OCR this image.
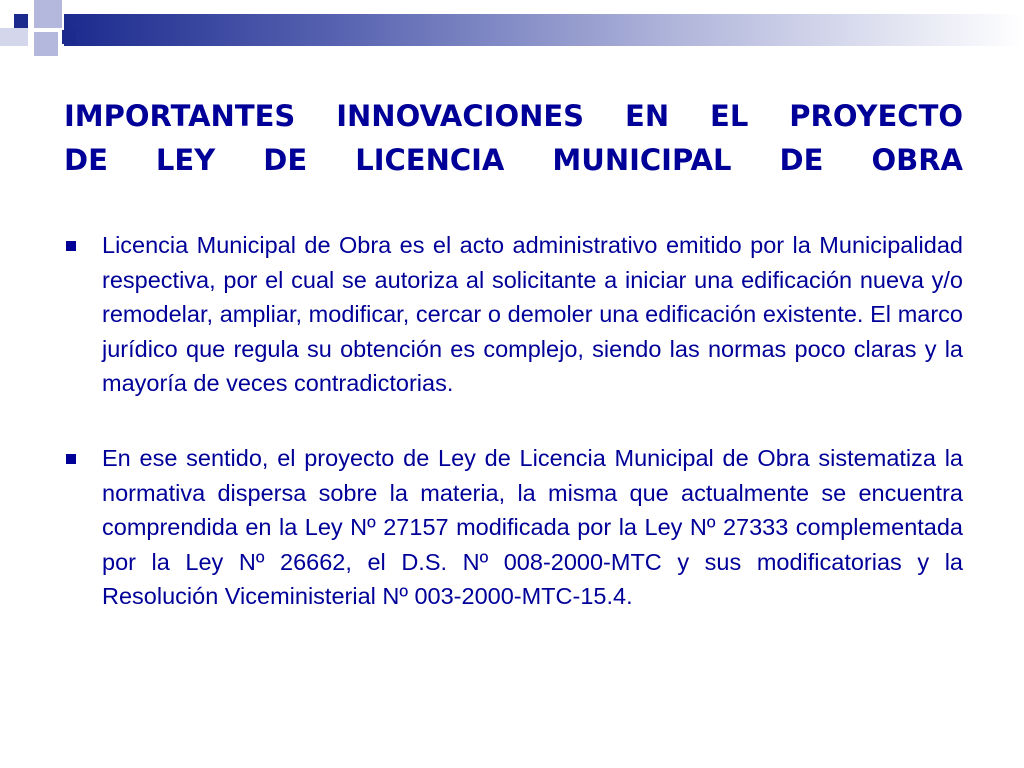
IMPORTANTES INNOVACIONES EN EL PROYECTO
DE LEY DE LICENCIA MUNICIPAL DE OBRA
Licencia Municipal de Obra es el acto administrativo emitido por la Municipalidad respectiva, por el cual se autoriza al solicitante a iniciar una edificación nueva y/o remodelar, ampliar, modificar, cercar o demoler una edificación existente. El marco jurídico que regula su obtención es complejo, siendo las normas poco claras y la mayoría de veces contradictorias.
En ese sentido, el proyecto de Ley de Licencia Municipal de Obra sistematiza la normativa dispersa sobre la materia, la misma que actualmente se encuentra comprendida en la Ley Nº 27157 modificada por la Ley Nº 27333 complementada por la Ley Nº 26662, el D.S. Nº 008-2000-MTC y sus modificatorias y la Resolución Viceministerial Nº 003-2000-MTC-15.4.
